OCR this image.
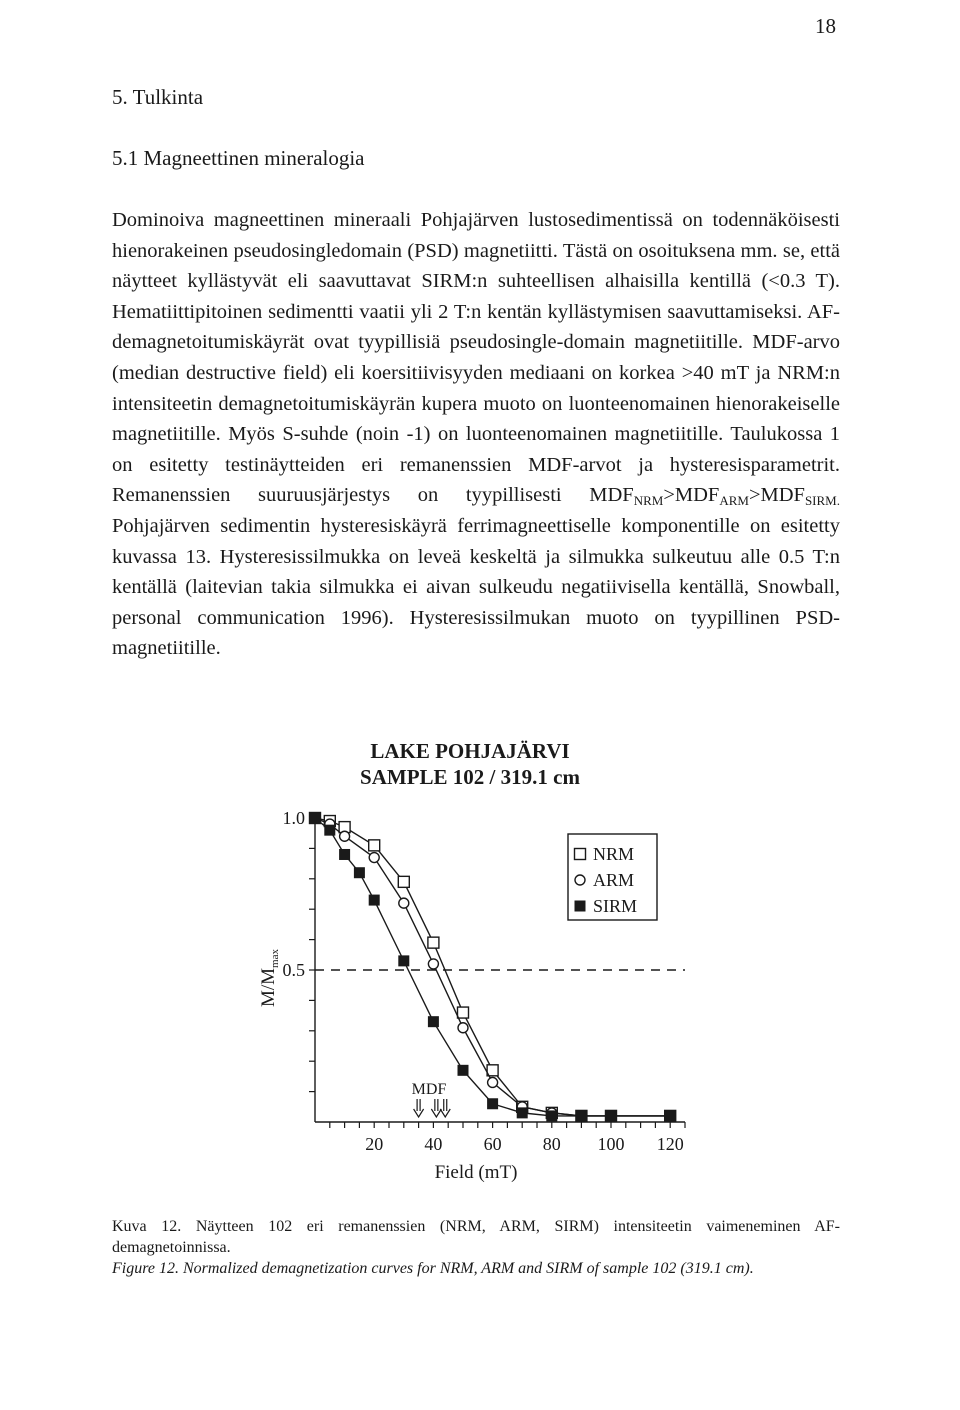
18
5. Tulkinta
5.1 Magneettinen mineralogia

Dominoiva magneettinen mineraali Pohjajärven lustosedimentissä on todennäköisesti hienorakeinen pseudosingledomain (PSD) magnetiitti. Tästä on osoituksena mm. se, että näytteet kyllästyvät eli saavuttavat SIRM:n suhteellisen alhaisilla kentillä (<0.3 T). Hematiittipitoinen sedimentti vaatii yli 2 T:n kentän kyllästymisen saavuttamiseksi. AF-demagnetoitumiskäyrät ovat tyypillisiä pseudosingle-domain magnetiitille. MDF-arvo (median destructive field) eli koersitiivisyyden mediaani on korkea >40 mT ja NRM:n intensiteetin demagnetoitumiskäyrän kupera muoto on luonteenomainen hienorakeiselle magnetiitille. Myös S-suhde (noin -1) on luonteenomainen magnetiitille. Taulukossa 1 on esitetty testinäytteiden eri remanenssien MDF-arvot ja hysteresisparametrit. Remanenssien suuruusjärjestys on tyypillisesti $MDF_{NRM}>MDF_{ARM}>MDF_{SIRM.}$ Pohjajärven sedimentin hysteresiskäyrä ferrimagneettiselle komponentille on esitetty kuvassa 13. Hysteresissilmukka on leveä keskeltä ja silmukka sulkeutuu alle 0.5 T:n kentällä (laitevian takia silmukka ei aivan sulkeudu negatiivisella kentällä, Snowball, personal communication 1996). Hysteresissilmukan muoto on tyypillinen PSD-magnetiitille.

LAKE POHJAJÄRVI
SAMPLE 102 / 319.1 cm
$M/M_{max}$
Field (mT)
0.5
1.0
20 40 60 80 100 120
MDF
NRM
ARM
SIRM

Kuva 12. Näytteen 102 eri remanenssien (NRM, ARM, SIRM) intensiteetin vaimeneminen AF-demagnetoinnissa.

Figure 12. Normalized demagnetization curves for NRM, ARM and SIRM of sample 102 (319.1 cm).
